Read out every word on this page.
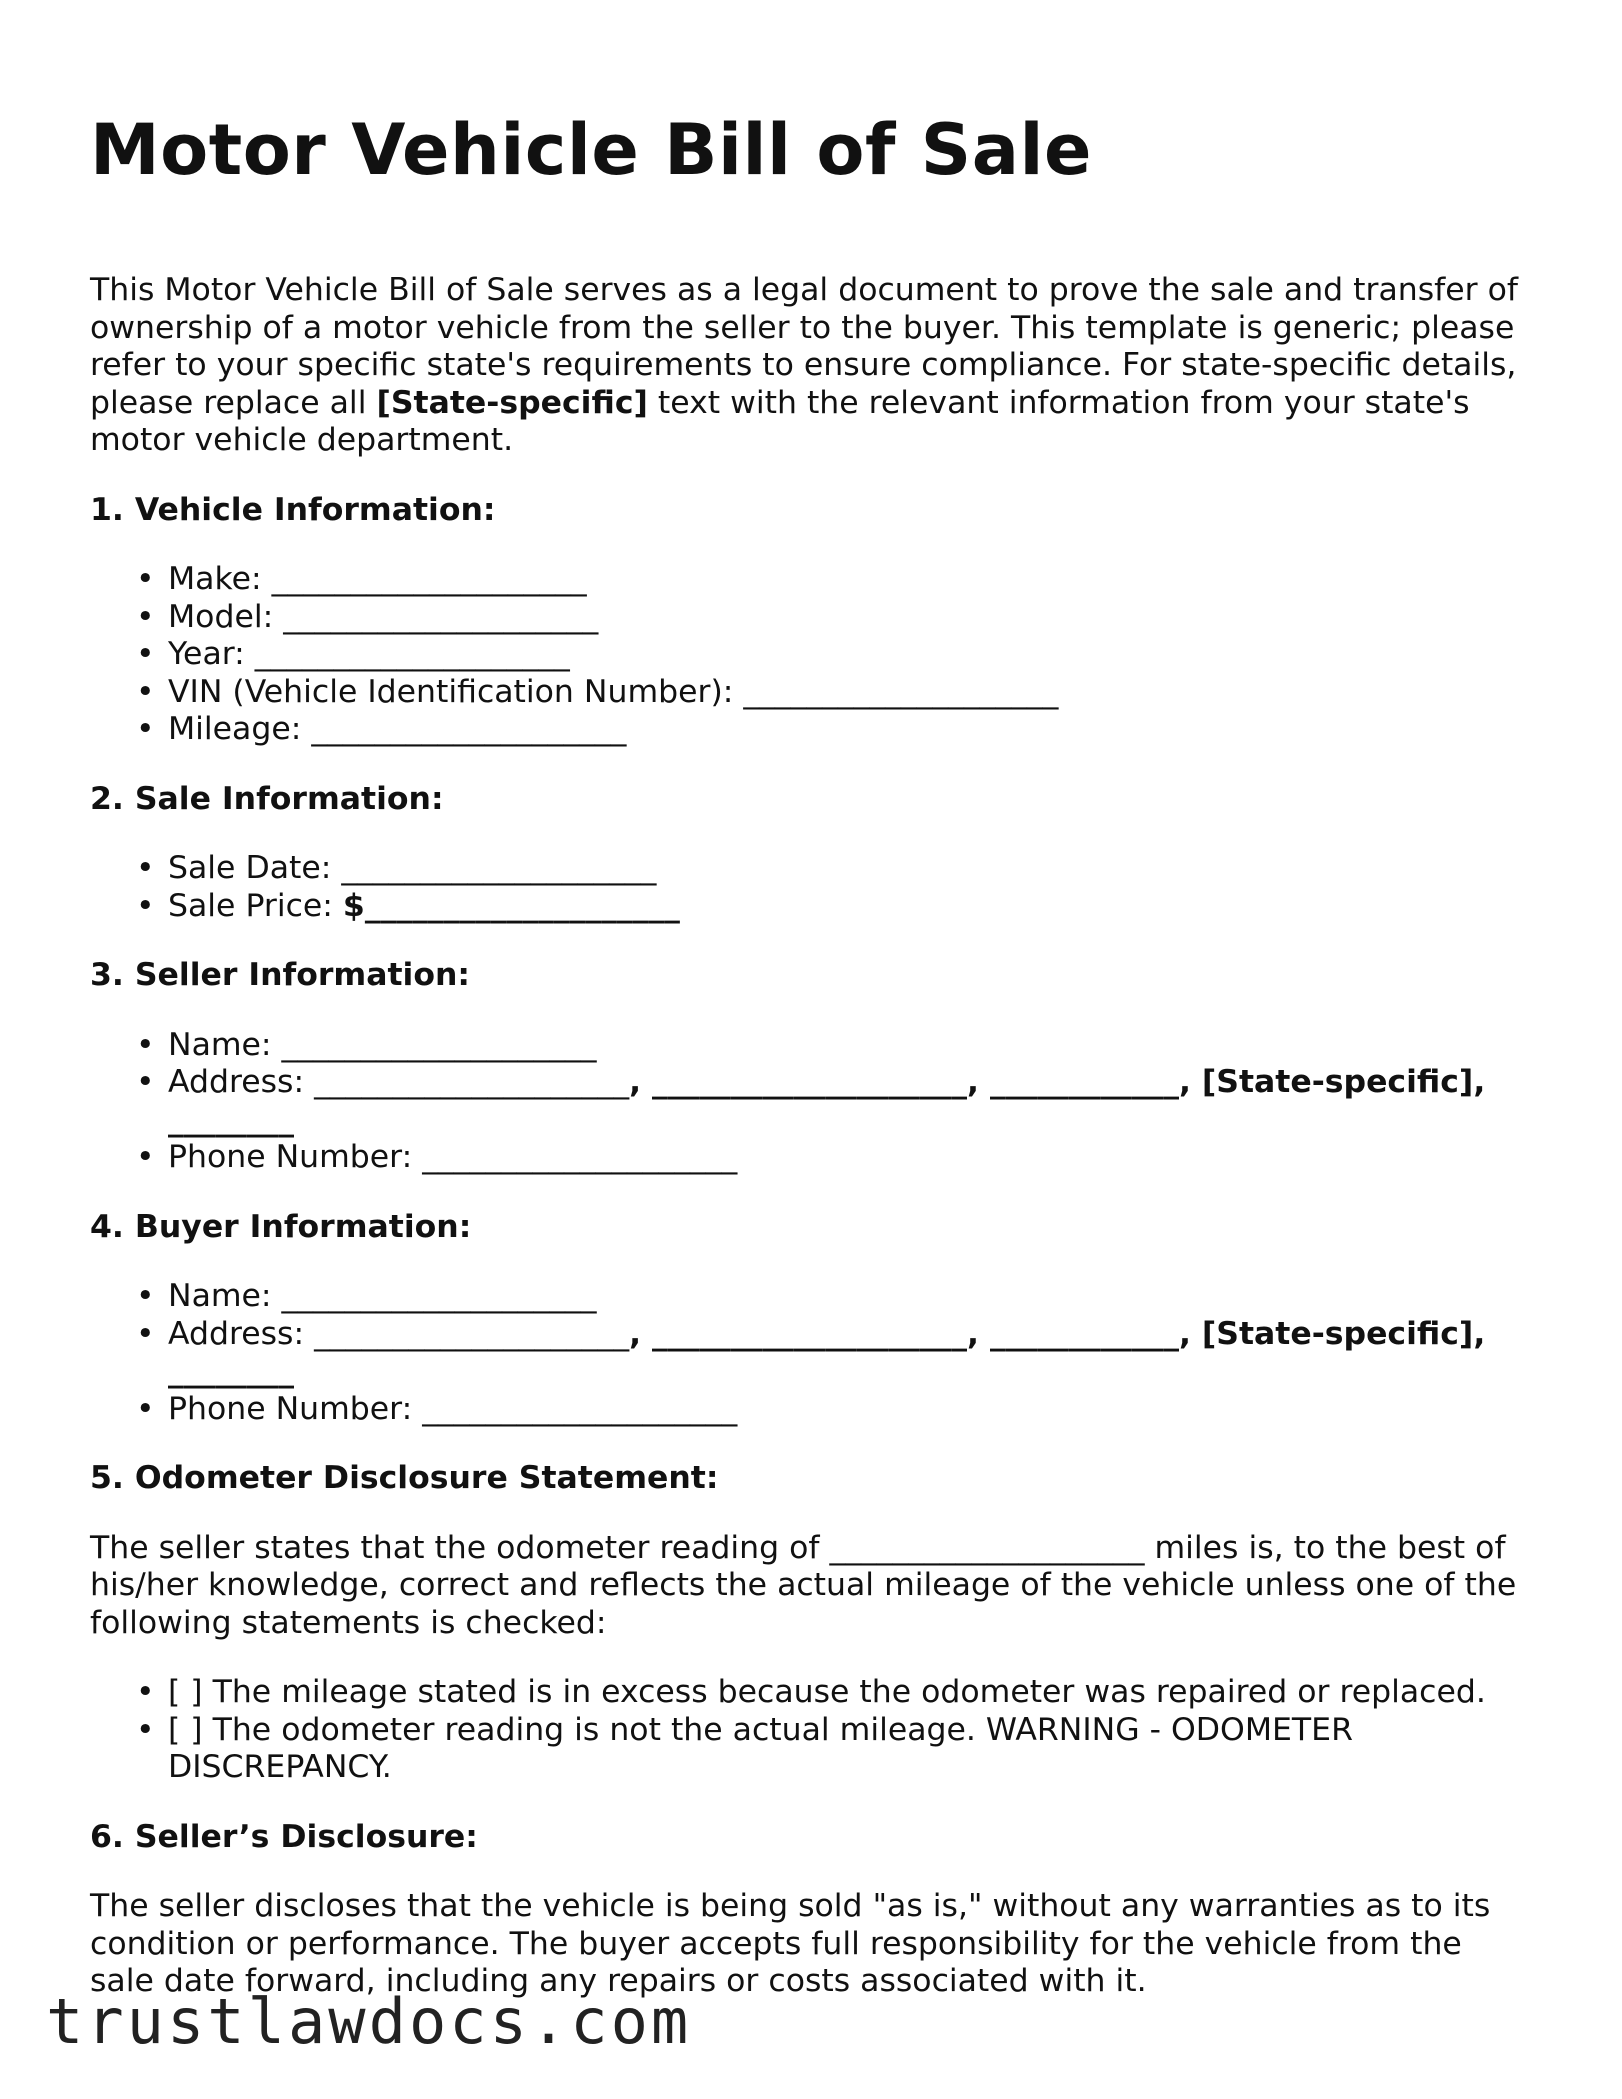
Motor Vehicle Bill of Sale

This Motor Vehicle Bill of Sale serves as a legal document to prove the sale and transfer of ownership of a motor vehicle from the seller to the buyer. This template is generic; please refer to your specific state's requirements to ensure compliance. For state-specific details, please replace all [State-specific] text with the relevant information from your state's motor vehicle department.

1. Vehicle Information:
• Make: ____________________
• Model: ____________________
• Year: ____________________
• VIN (Vehicle Identification Number): ____________________
• Mileage: ____________________
2. Sale Information:
• Sale Date: ____________________
• Sale Price: $____________________
3. Seller Information:
• Name: ____________________
• Address: ____________________, ____________________, ____________, [State-specific], ________
• Phone Number: ____________________
4. Buyer Information:
• Name: ____________________
• Address: ____________________, ____________________, ____________, [State-specific], ________
• Phone Number: ____________________
5. Odometer Disclosure Statement:

The seller states that the odometer reading of ____________________ miles is, to the best of his/her knowledge, correct and reflects the actual mileage of the vehicle unless one of the following statements is checked:

• [ ] The mileage stated is in excess because the odometer was repaired or replaced.
• [ ] The odometer reading is not the actual mileage. WARNING - ODOMETER DISCREPANCY.
6. Seller’s Disclosure:

The seller discloses that the vehicle is being sold "as is," without any warranties as to its condition or performance. The buyer accepts full responsibility for the vehicle from the sale date forward, including any repairs or costs associated with it.

trustlawdocs.com
